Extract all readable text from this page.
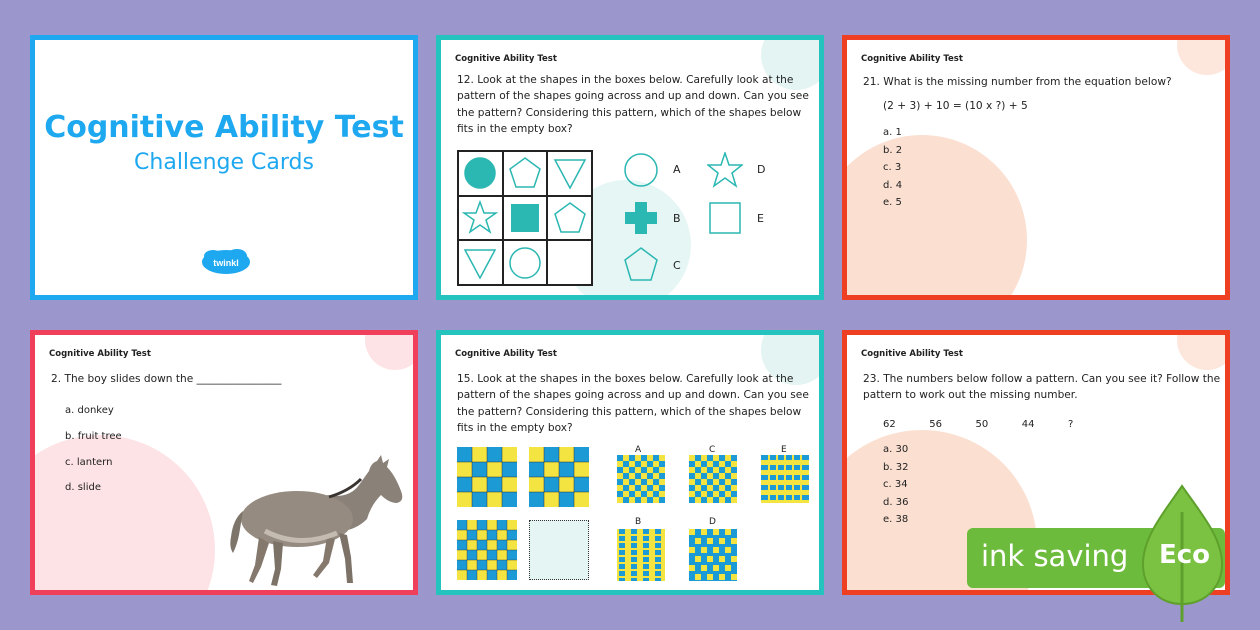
Cognitive Ability Test
Challenge Cards
twinkl
Cognitive Ability Test
12. Look at the shapes in the boxes below. Carefully look at the pattern of the shapes going across and up and down. Can you see the pattern? Considering this pattern, which of the shapes below fits in the empty box?
A
B
C
D
E
Cognitive Ability Test
21. What is the missing number from the equation below?
(2 + 3) + 10 = (10 x ?) + 5
a. 1
b. 2
c. 3
d. 4
e. 5
Cognitive Ability Test
2. The boy slides down the ________________
a. donkey
b. fruit tree
c. lantern
d. slide
Cognitive Ability Test
15. Look at the shapes in the boxes below. Carefully look at the pattern of the shapes going across and up and down. Can you see the pattern? Considering this pattern, which of the shapes below fits in the empty box?
A	C	E
B	D
Cognitive Ability Test
23. The numbers below follow a pattern. Can you see it? Follow the pattern to work out the missing number.
62   56   50   44   ?
a. 30
b. 32
c. 34
d. 36
e. 38
ink saving Eco
